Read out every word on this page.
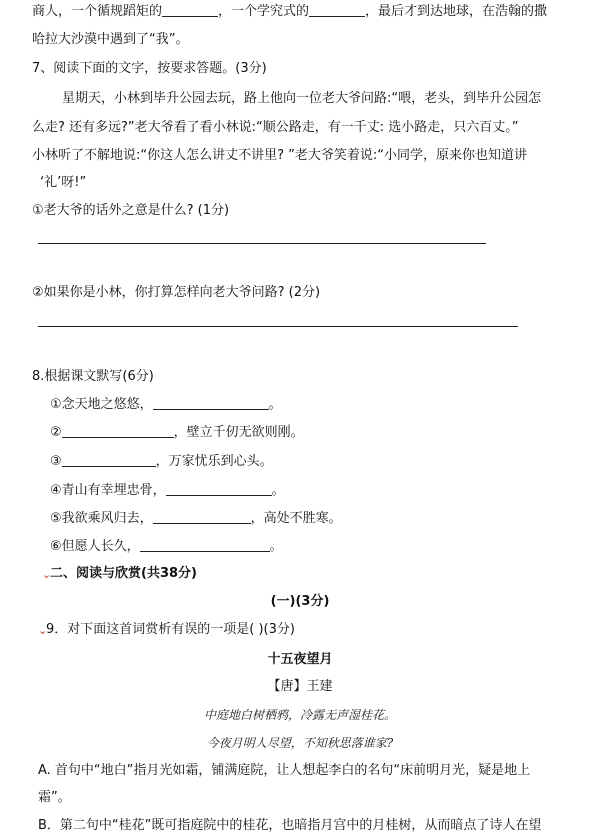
商人，一个循规蹈矩的	，一个学究式的	，最后才到达地球，在浩翰的撒
哈拉大沙漠中遇到了“我”。
7、阅读下面的文字，按要求答题。(3分)
星期天，小林到毕升公园去玩，路上他向一位老大爷问路:“喂，老头，到毕升公园怎
么走? 还有多远?”老大爷看了看小林说:“顺公路走，有一千丈: 选小路走，只六百丈。”
小林听了不解地说:“你这人怎么讲丈不讲里? ”老大爷笑着说:“小同学，原来你也知道讲
‘礼’呀!”
①老大爷的话外之意是什么? (1分)
②如果你是小林，你打算怎样向老大爷问路? (2分)
8.根据课文默写(6分)
①念天地之悠悠，	。
②	，壁立千仞无欲则刚。
③	，万家忧乐到心头。
④青山有幸埋忠骨，	。
⑤我欲乘风归去，	，高处不胜寒。
⑥但愿人长久，	。
⌄
二、阅读与欣赏(共38分)
(一)(3分)
⌄
9．对下面这首词赏析有误的一项是( )(3分)
十五夜望月
【唐】王建
中庭地白树栖鸦，冷露无声湿桂花。
今夜月明人尽望，不知秋思落谁家?
A. 首句中“地白”指月光如霜，铺满庭院，让人想起李白的名句“床前明月光，疑是地上
霜”。
B．第二句中“桂花”既可指庭院中的桂花，也暗指月宫中的月桂树，从而暗点了诗人在望
